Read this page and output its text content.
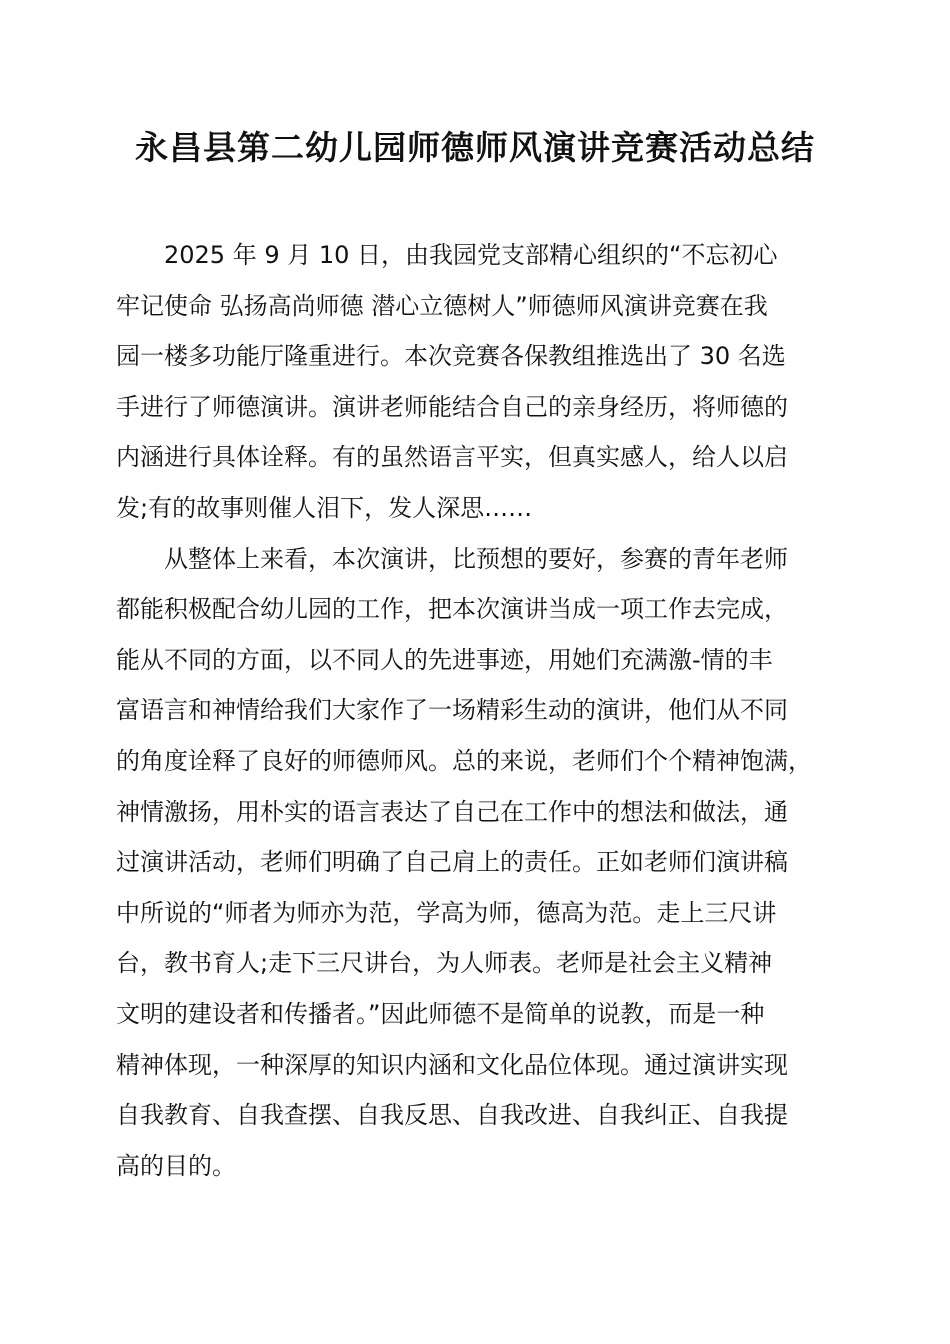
永昌县第二幼儿园师德师风演讲竞赛活动总结

2025 年 9 月 10 日，由我园党支部精心组织的“不忘初心
牢记使命 弘扬高尚师德 潜心立德树人”师德师风演讲竞赛在我
园一楼多功能厅隆重进行。本次竞赛各保教组推选出了 30 名选
手进行了师德演讲。演讲老师能结合自己的亲身经历，将师德的
内涵进行具体诠释。有的虽然语言平实，但真实感人，给人以启
发;有的故事则催人泪下，发人深思……

从整体上来看，本次演讲，比预想的要好，参赛的青年老师
都能积极配合幼儿园的工作，把本次演讲当成一项工作去完成，
能从不同的方面，以不同人的先进事迹，用她们充满激-情的丰
富语言和神情给我们大家作了一场精彩生动的演讲，他们从不同
的角度诠释了良好的师德师风。总的来说，老师们个个精神饱满，
神情激扬，用朴实的语言表达了自己在工作中的想法和做法，通
过演讲活动，老师们明确了自己肩上的责任。正如老师们演讲稿
中所说的“师者为师亦为范，学高为师，德高为范。走上三尺讲
台，教书育人;走下三尺讲台，为人师表。老师是社会主义精神
文明的建设者和传播者。”因此师德不是简单的说教，而是一种
精神体现，一种深厚的知识内涵和文化品位体现。通过演讲实现
自我教育、自我查摆、自我反思、自我改进、自我纠正、自我提
高的目的。
